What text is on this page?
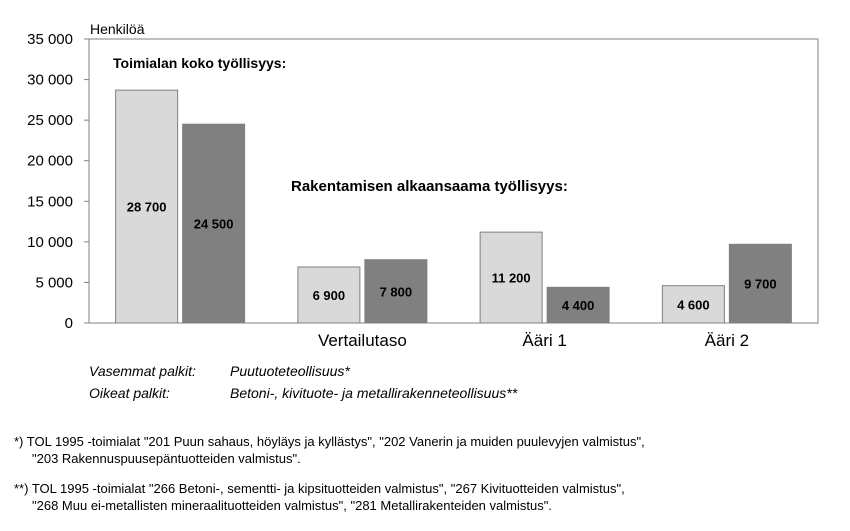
Henkilöä
35 000
30 000
25 000
20 000
15 000
10 000
5 000
0
28 700
24 500
6 900	7 800
11 200
4 400	4 600
9 700
Vertailutaso	Ääri 1	Ääri 2
Toimialan koko työllisyys:
Rakentamisen alkaansaama työllisyys:
Vasemmat palkit: Puutuoteteollisuus*
Oikeat palkit:	Betoni-, kivituote- ja metallirakenneteollisuus**
*) TOL 1995 -toimialat "201 Puun sahaus, höyläys ja kyllästys", "202 Vanerin ja muiden puulevyjen valmistus",
"203 Rakennuspuusepäntuotteiden valmistus".
**) TOL 1995 -toimialat "266 Betoni-, sementti- ja kipsituotteiden valmistus", "267 Kivituotteiden valmistus",
"268 Muu ei-metallisten mineraalituotteiden valmistus", "281 Metallirakenteiden valmistus".
